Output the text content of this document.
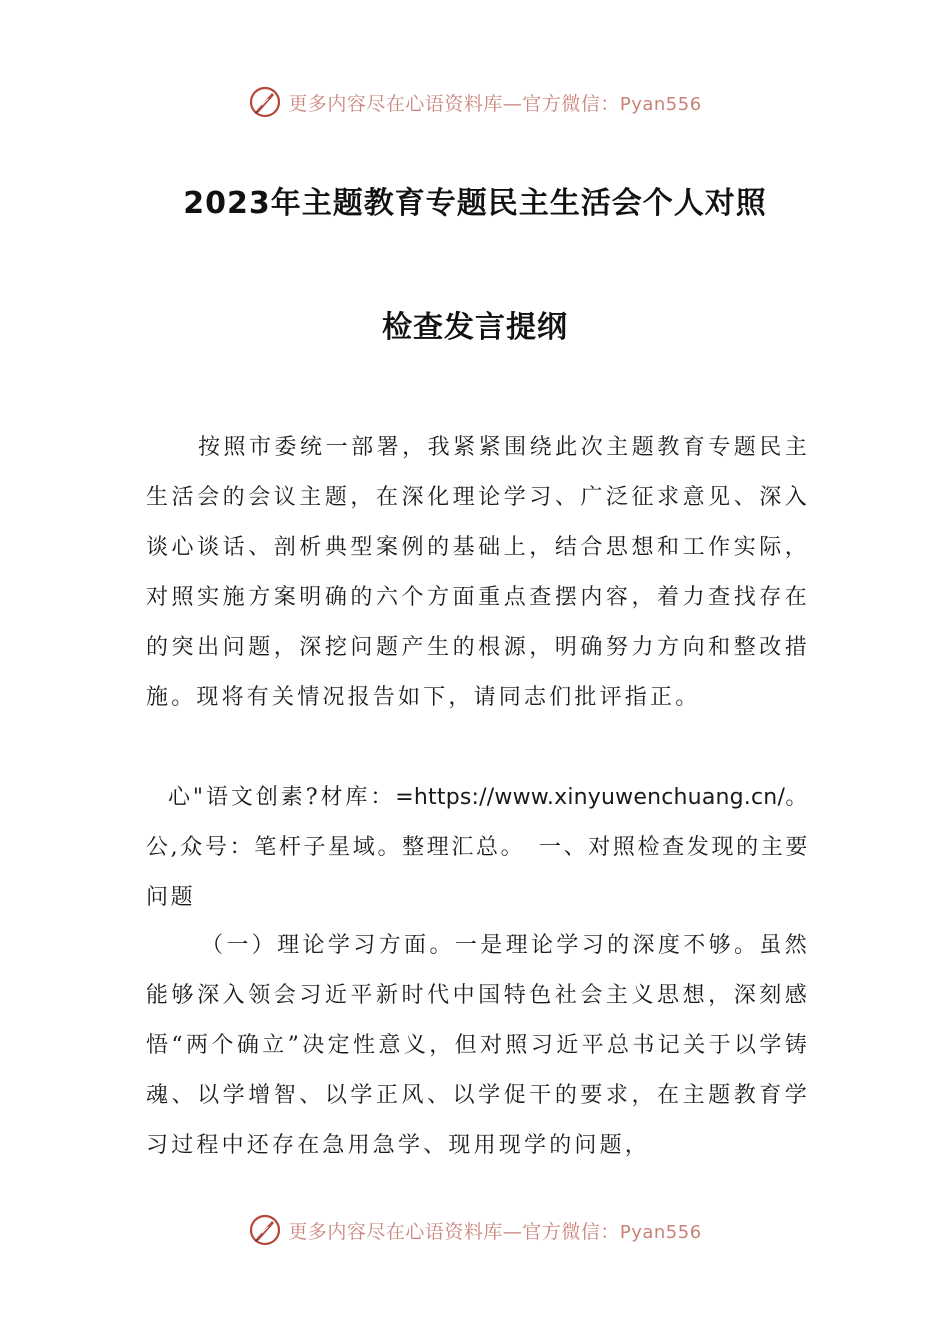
更多内容尽在心语资料库—官方微信：Pyan556
2023年主题教育专题民主生活会个人对照
检查发言提纲
按照市委统一部署，我紧紧围绕此次主题教育专题民主生活会的会议主题，在深化理论学习、广泛征求意见、深入谈心谈话、剖析典型案例的基础上，结合思想和工作实际，对照实施方案明确的六个方面重点查摆内容，着力查找存在的突出问题，深挖问题产生的根源，明确努力方向和整改措施。现将有关情况报告如下，请同志们批评指正。
心"语文创素?材库：=https://www.xinyuwenchuang.cn/。公,众号：笔杆子星域。整理汇总。　一、对照检查发现的主要问题
（一）理论学习方面。一是理论学习的深度不够。虽然能够深入领会习近平新时代中国特色社会主义思想，深刻感悟“两个确立”决定性意义，但对照习近平总书记关于以学铸魂、以学增智、以学正风、以学促干的要求，在主题教育学习过程中还存在急用急学、现用现学的问题，
更多内容尽在心语资料库—官方微信：Pyan556
